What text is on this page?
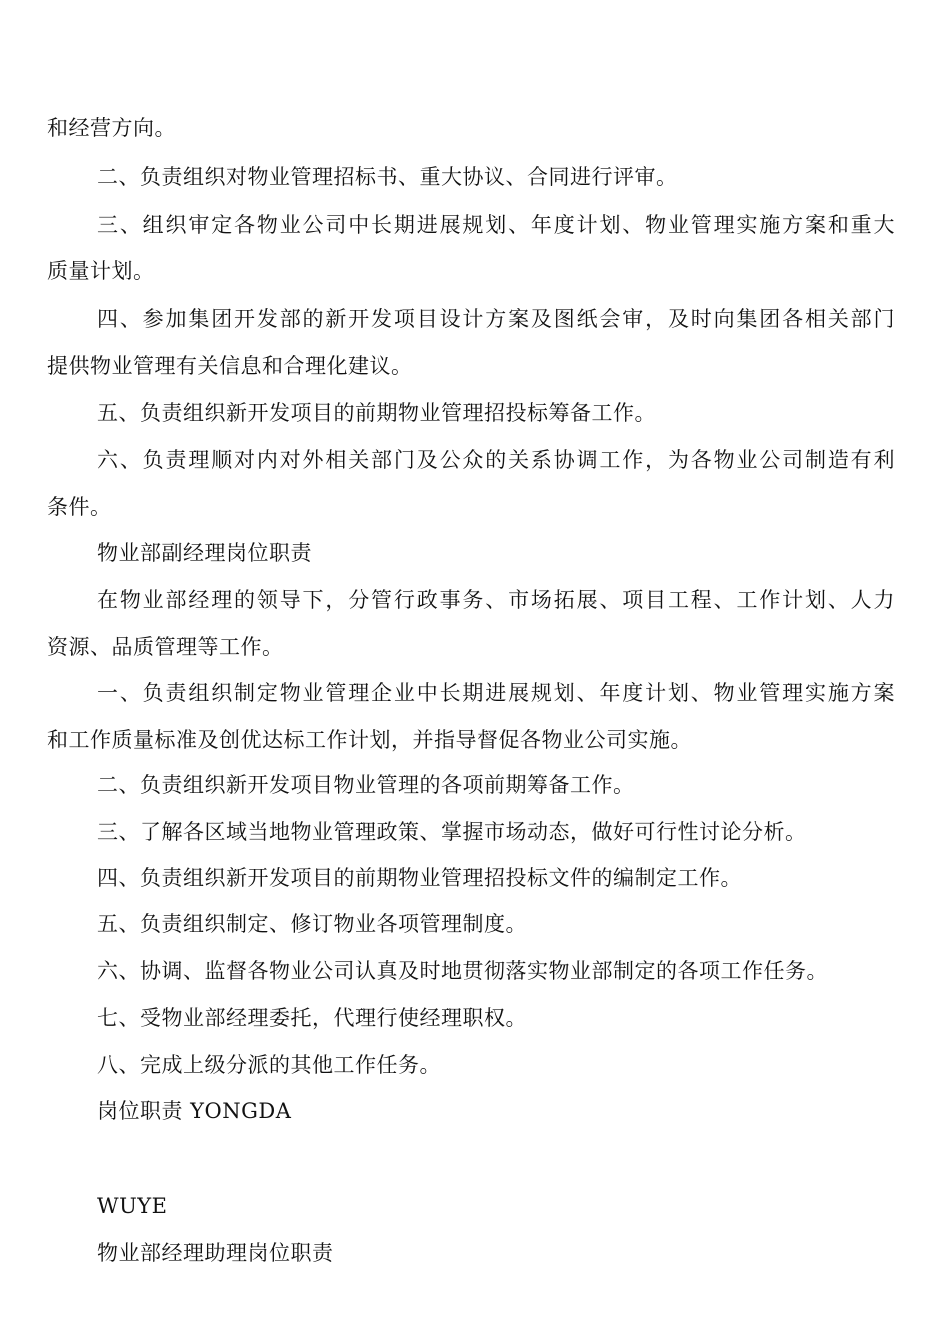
和经营方向。
二、负责组织对物业管理招标书、重大协议、合同进行评审。
三、组织审定各物业公司中长期进展规划、年度计划、物业管理实施方案和重大
质量计划。
四、参加集团开发部的新开发项目设计方案及图纸会审，及时向集团各相关部门
提供物业管理有关信息和合理化建议。
五、负责组织新开发项目的前期物业管理招投标筹备工作。
六、负责理顺对内对外相关部门及公众的关系协调工作，为各物业公司制造有利
条件。
物业部副经理岗位职责
在物业部经理的领导下，分管行政事务、市场拓展、项目工程、工作计划、人力
资源、品质管理等工作。
一、负责组织制定物业管理企业中长期进展规划、年度计划、物业管理实施方案
和工作质量标准及创优达标工作计划，并指导督促各物业公司实施。
二、负责组织新开发项目物业管理的各项前期筹备工作。
三、了解各区域当地物业管理政策、掌握市场动态，做好可行性讨论分析。
四、负责组织新开发项目的前期物业管理招投标文件的编制定工作。
五、负责组织制定、修订物业各项管理制度。
六、协调、监督各物业公司认真及时地贯彻落实物业部制定的各项工作任务。
七、受物业部经理委托，代理行使经理职权。
八、完成上级分派的其他工作任务。
岗位职责 YONGDA
WUYE
物业部经理助理岗位职责
